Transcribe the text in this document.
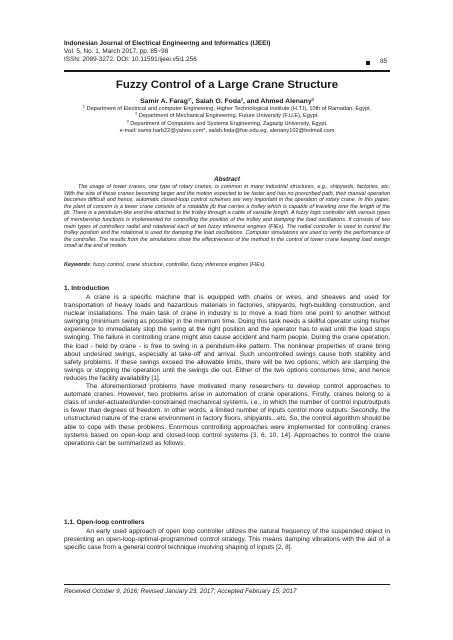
Indonesian Journal of Electrical Engineering and Informatics (IJEEI)
Vol. 5, No. 1, March 2017, pp. 85~98
ISSN: 2089-3272, DOI: 10.11591/ijeei.v5i1.256	85
Fuzzy Control of a Large Crane Structure
Samir A. Farag$^{1*}$, Salah G. Foda$^2$, and Ahmed Alenany$^3$
$^1$ Department of Electrical and computer Engineering, Higher Technological Institute (H.T.I), 10th of Ramadan, Egypt.
$^2$ Department of Mechanical Engineering, Future University (F.U.E), Egypt.
$^3$ Department of Computers and Systems Engineering, Zagazig University, Egypt.
e-mail: samir.harb22@yahoo.com*, salah.foda@fue.edu.eg, alenany102@hotmail.com
Abstract
The usage of tower cranes, one type of rotary cranes, is common in many industrial structures, e.g., shipyards, factories, etc. With the size of these cranes becoming larger and the motion expected to be faster and has no prescribed path, their manual operation becomes difficult and hence, automatic closed-loop control schemes are very important in the operation of rotary crane. In this paper, the plant of concern is a tower crane consists of a rotatable jib that carries a trolley which is capable of traveling over the length of the jib. There is a pendulum-like end line attached to the trolley through a cable of variable length. A fuzzy logic controller with various types of membership functions is implemented for controlling the position of the trolley and damping the load oscillations. It consists of two main types of controllers radial and rotational each of two fuzzy inference engines (FIEs). The radial controller is used to control the trolley position and the rotational is used for damping the load oscillations. Computer simulations are used to verify the performance of the controller. The results from the simulations show the effectiveness of the method in the control of tower crane keeping load swings small at the end of motion.
Keywords: fuzzy control, crane structure, controller, fuzzy inference engines (FIEs).
1. Introduction

A crane is a specific machine that is equipped with chains or wires, and sheaves and used for transportation of heavy loads and hazardous materials in factories, shipyards, high-building construction, and nuclear installations. The main task of crane in industry is to move a load from one point to another without swinging (minimum swing as possible) in the minimum time. Doing this task needs a skillful operator using his/her experience to immediately stop the swing at the right position and the operator has to wait until the load stops swinging. The failure in controlling crane might also cause accident and harm people. During the crane operation, the load - held by crane - is free to swing in a pendulum-like pattern. The nonlinear properties of crane bring about undesired swings, especially at take-off and arrival. Such uncontrolled swings cause both stability and safety problems. If these swings exceed the allowable limits, there will be two options; which are damping the swings or stopping the operation until the swings die out. Either of the two options consumes time, and hence reduces the facility availability [1].

The aforementioned problems have motivated many researchers to develop control approaches to automate cranes. However, two problems arise in automation of crane operations. Firstly, cranes belong to a class of under-actuated/under-constrained mechanical systems, i.e., in which the number of control input/outputs is fewer than degrees of freedom. In other words, a limited number of inputs control more outputs. Secondly, the unstructured nature of the crane environment in factory floors, shipyards...etc. So, the control algorithm should be able to cope with these problems. Enormous controlling approaches were implemented for controlling cranes systems based on open-loop and closed-loop control systems [3, 6, 10, 14]. Approaches to control the crane operations can be summarized as follows.

1.1. Open-loop controllers

An early used approach of open loop controller utilizes the natural frequency of the suspended object in presenting an open-loop-optimal-programmed control strategy. This means damping vibrations with the aid of a specific case from a general control technique involving shaping of inputs [2, 8].

Received October 9, 2016; Revised January 23, 2017; Accepted February 15, 2017
